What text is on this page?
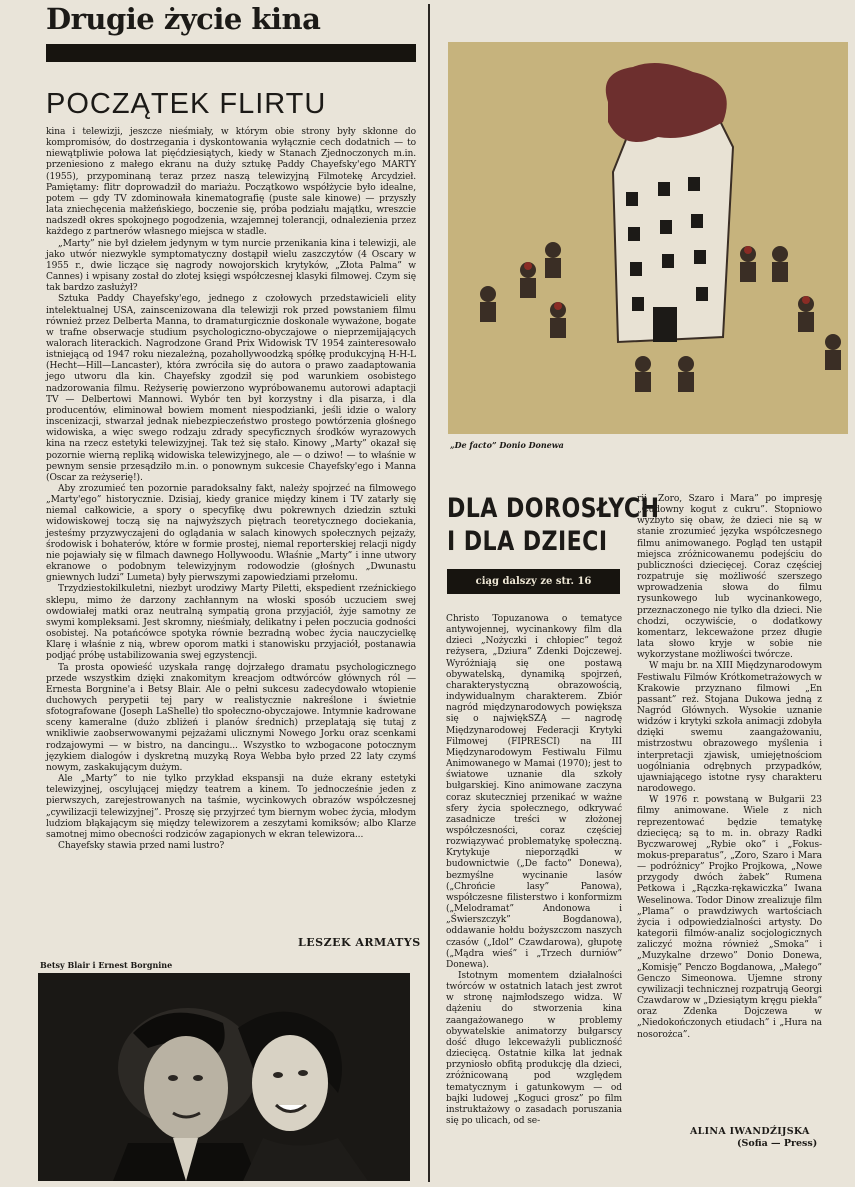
Drugie życie kina
POCZĄTEK FLIRTU

kina i telewizji, jeszcze nieśmiały, w którym obie strony były skłonne do kompromisów, do dostrzegania i dyskontowania wyłącznie cech dodatnich — to niewątpliwie połowa lat pięćdziesiątych, kiedy w Stanach Zjednoczonych m.in. przeniesiono z małego ekranu na duży sztukę Paddy Chayefsky'ego MARTY (1955), przypominaną teraz przez naszą telewizyjną Filmotekę Arcydzieł. Pamiętamy: flitr doprowadził do mariażu. Początkowo współżycie było idealne, potem — gdy TV zdominowała kinematografię (puste sale kinowe) — przyszły lata zniechęcenia małżeńskiego, boczenie się, próba podziału majątku, wreszcie nadszedł okres spokojnego pogodzenia, wzajemnej tolerancji, odnalezienia przez każdego z partnerów własnego miejsca w stadle.

„Marty” nie był dziełem jedynym w tym nurcie przenikania kina i telewizji, ale jako utwór niezwykle symptomatyczny dostąpił wielu zaszczytów (4 Oscary w 1955 r., dwie liczące się nagrody nowojorskich krytyków, „Złota Palma” w Cannes) i wpisany został do złotej księgi współczesnej klasyki filmowej. Czym się tak bardzo zasłużył?

Sztuka Paddy Chayefsky'ego, jednego z czołowych przedstawicieli elity intelektualnej USA, zainscenizowana dla telewizji rok przed powstaniem filmu również przez Delberta Manna, to dramaturgicznie doskonale wyważone, bogate w trafne obserwacje studium psychologiczno-obyczajowe o nieprzemijających walorach literackich. Nagrodzone Grand Prix Widowisk TV 1954 zainteresowało istniejącą od 1947 roku niezależną, pozahollywoodzką spółkę produkcyjną H-H-L (Hecht—Hill—Lancaster), która zwróciła się do autora o prawo zaadaptowania jego utworu dla kin. Chayefsky zgodził się pod warunkiem osobistego nadzorowania filmu. Reżyserię powierzono wypróbowanemu autorowi adaptacji TV — Delbertowi Mannowi. Wybór ten był korzystny i dla pisarza, i dla producentów, eliminował bowiem moment niespodzianki, jeśli idzie o walory inscenizacji, stwarzał jednak niebezpieczeństwo prostego powtórzenia głośnego widowiska, a więc swego rodzaju zdrady specyficznych środków wyrazowych kina na rzecz estetyki telewizyjnej. Tak też się stało. Kinowy „Marty” okazał się pozornie wierną repliką widowiska telewizyjnego, ale — o dziwo! — to właśnie w pewnym sensie przesądziło m.in. o ponownym sukcesie Chayefsky'ego i Manna (Oscar za reżyserię!).

Aby zrozumieć ten pozornie paradoksalny fakt, należy spojrzeć na filmowego „Marty'ego” historycznie. Dzisiaj, kiedy granice między kinem i TV zatarły się niemal całkowicie, a spory o specyfikę dwu pokrewnych dziedzin sztuki widowiskowej toczą się na najwyższych piętrach teoretycznego dociekania, jesteśmy przyzwyczajeni do oglądania w salach kinowych społecznych pejzaży, środowisk i bohaterów, które w formie prostej, niemal reporterskiej relacji nigdy nie pojawiały się w filmach dawnego Hollywoodu. Właśnie „Marty” i inne utwory ekranowe o podobnym telewizyjnym rodowodzie (głośnych „Dwunastu gniewnych ludzi” Lumeta) były pierwszymi zapowiedziami przełomu.

Trzydziestokilkuletni, niezbyt urodziwy Marty Piletti, ekspedient rzeźnickiego sklepu, mimo że darzony zachłannym na włoski sposób uczuciem swej owdowiałej matki oraz neutralną sympatią grona przyjaciół, żyje samotny ze swymi kompleksami. Jest skromny, nieśmiały, delikatny i pełen poczucia godności osobistej. Na potańcówce spotyka równie bezradną wobec życia nauczycielkę Klarę i właśnie z nią, wbrew oporom matki i stanowisku przyjaciół, postanawia podjąć próbę ustabilizowania swej egzystencji.

Ta prosta opowieść uzyskała rangę dojrzałego dramatu psychologicznego przede wszystkim dzięki znakomitym kreacjom odtwórców głównych ról — Ernesta Borgnine'a i Betsy Blair. Ale o pełni sukcesu zadecydowało wtopienie duchowych perypetii tej pary w realistycznie nakreślone i świetnie sfotografowane (Joseph LaShelle) tło społeczno-obyczajowe. Intymnie kadrowane sceny kameralne (dużo zbliżeń i planów średnich) przeplatają się tutaj z wnikliwie zaobserwowanymi pejzażami ulicznymi Nowego Jorku oraz scenkami rodzajowymi — w bistro, na dancingu... Wszystko to wzbogacone potocznym językiem dialogów i dyskretną muzyką Roya Webba było przed 22 laty czymś nowym, zaskakującym dużym.

Ale „Marty” to nie tylko przykład ekspansji na duże ekrany estetyki telewizyjnej, oscylującej między teatrem a kinem. To jednocześnie jeden z pierwszych, zarejestrowanych na taśmie, wycinkowych obrazów współczesnej „cywilizacji telewizyjnej”. Proszę się przyjrzeć tym biernym wobec życia, młodym ludziom błąkającym się między telewizorem a zeszytami komiksów; albo Klarze samotnej mimo obecności rodziców zagapionych w ekran telewizora...

Chayefsky stawia przed nami lustro?

LESZEK ARMATYS
Betsy Blair i Ernest Borgnine
„De facto” Donio Donewa
DLA DOROSŁYCH
I DLA DZIECI
ciąg dalszy ze str. 16

Christo Topuzanowa o tematyce antywojennej, wycinankowy film dla dzieci „Nożyczki i chłopiec” tegoż reżysera, „Dziura” Zdenki Dojczewej. Wyróżniają się one postawą obywatelską, dynamiką spojrzeń, charakterystyczną obrazowością, indywidualnym charakterem. Zbiór nagród międzynarodowych powiększa się o najwiękSZĄ — nagrodę Międzynarodowej Federacji Krytyki Filmowej (FIPRESCI) na III Międzynarodowym Festiwalu Filmu Animowanego w Mamai (1970); jest to światowe uznanie dla szkoły bułgarskiej. Kino animowane zaczyna coraz skuteczniej przenikać w ważne sfery życia społecznego, odkrywać zasadnicze treści w złożonej współczesności, coraz częściej rozwiązywać problematykę społeczną. Krytykuje nieporządki w budownictwie („De facto” Donewa), bezmyślne wycinanie lasów („Chrońcie lasy” Panowa), współczesne filisterstwo i konformizm („Melodramat” Andonowa i „Świerszczyk” Bogdanowa), oddawanie hołdu bożyszczom naszych czasów („Idol” Czawdarowa), głupotę („Mądra wieś” i „Trzech durniów” Donewa).

Istotnym momentem działalności twórców w ostatnich latach jest zwrot w stronę najmłodszego widza. W dążeniu do stworzenia kina zaangażowanego w problemy obywatelskie animatorzy bułgarscy dość długo lekceważyli publiczność dziecięcą. Ostatnie kilka lat jednak przyniosło obfitą produkcję dla dzieci, zróżnicowaną pod względem tematycznym i gatunkowym — od bajki ludowej „Koguci grosz” po film instruktażowy o zasadach poruszania się po ulicach, od se-

rii „Zoro, Szaro i Mara” po impresję „Cudowny kogut z cukru”. Stopniowo wyzbyto się obaw, że dzieci nie są w stanie zrozumieć języka współczesnego filmu animowanego. Pogląd ten ustąpił miejsca zróżnicowanemu podejściu do publiczności dziecięcej. Coraz częściej rozpatruje się możliwość szerszego wprowadzenia słowa do filmu rysunkowego lub wycinankowego, przeznaczonego nie tylko dla dzieci. Nie chodzi, oczywiście, o dodatkowy komentarz, lekceważone przez długie lata słowo kryje w sobie nie wykorzystane możliwości twórcze.

W maju br. na XIII Międzynarodowym Festiwalu Filmów Krótkometrażowych w Krakowie przyznano filmowi „En passant” reż. Stojana Dukowa jedną z Nagród Głównych. Wysokie uznanie widzów i krytyki szkoła animacji zdobyła dzięki swemu zaangażowaniu, mistrzostwu obrazowego myślenia i interpretacji zjawisk, umiejętnościom uogólniania odrębnych przypadków, ujawniającego istotne rysy charakteru narodowego.

W 1976 r. powstaną w Bułgarii 23 filmy animowane. Wiele z nich reprezentować będzie tematykę dziecięcą; są to m. in. obrazy Radki Byczwarowej „Rybie oko” i „Fokus-mokus-preparatus”, „Zoro, Szaro i Mara — podróżnicy” Projko Projkowa, „Nowe przygody dwóch żabek” Rumena Petkowa i „Rączka-rękawiczka” Iwana Weselinowa. Todor Dinow zrealizuje film „Plama” o prawdziwych wartościach życia i odpowiedzialności artysty. Do kategorii filmów-analiz socjologicznych zaliczyć można również „Smoka” i „Muzykalne drzewo” Donio Donewa, „Komisję” Penczo Bogdanowa, „Małego” Genczo Simeonowa. Ujemne strony cywilizacji technicznej rozpatrują Georgi Czawdarow w „Dziesiątym kręgu piekła” oraz Zdenka Dojczewa w „Niedokończonych etiudach” i „Hura na nosorożca”.

ALINA IWANDŹIJSKA
(Sofia — Press)
